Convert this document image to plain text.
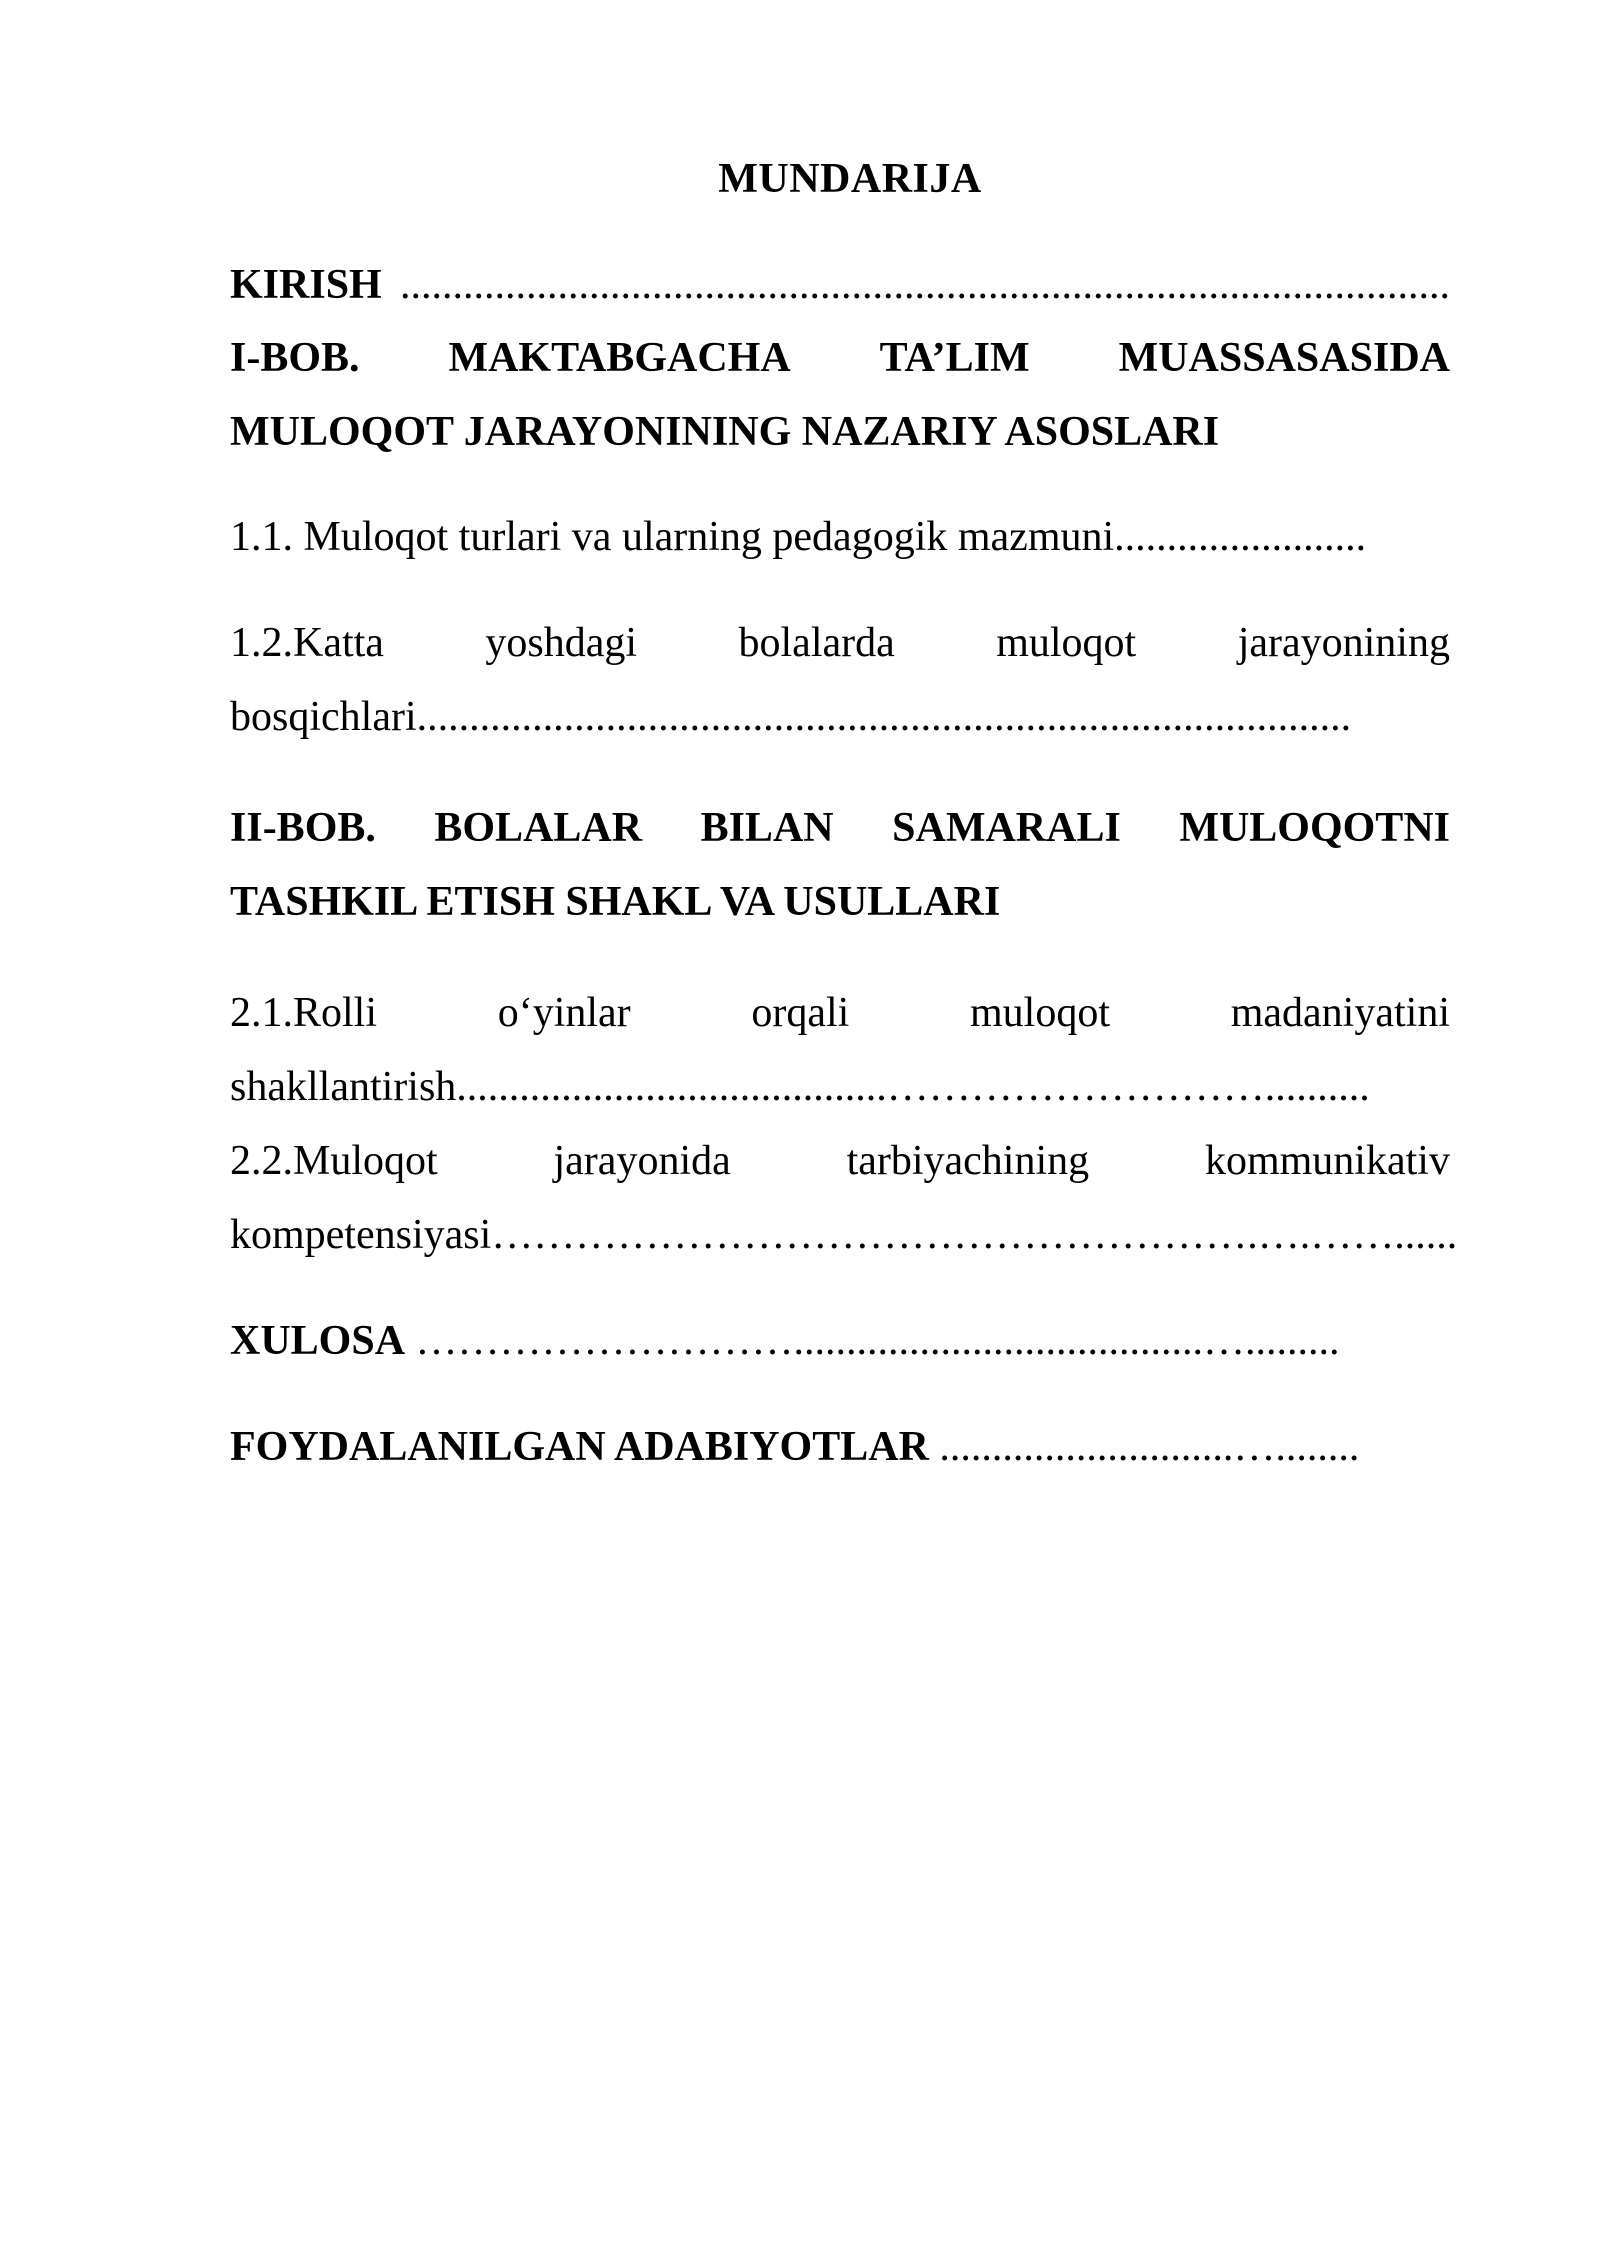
MUNDARIJA
KIRISH ....................................................................................................
I-BOB. MAKTABGACHA TA’LIM MUASSASASIDA
MULOQOT JARAYONINING NAZARIY ASOSLARI
1.1. Muloqot turlari va ularning pedagogik mazmuni........................
1.2.Katta yoshdagi bolalarda muloqot jarayonining
bosqichlari.........................................................................................
II-BOB. BOLALAR BILAN SAMARALI MULOQOTNI
TASHKIL ETISH SHAKL VA USULLARI
2.1.Rolli	o‘yinlar	orqali	muloqot	madaniyatini
shakllantirish.........................................………………………..........
2.2.Muloqot	jarayonida	tarbiyachining	kommunikativ
kompetensiyasi……………………………………………….….……......
XULOSA ……………………….......................................….........
FOYDALANILGAN ADABIYOTLAR ............................…........
